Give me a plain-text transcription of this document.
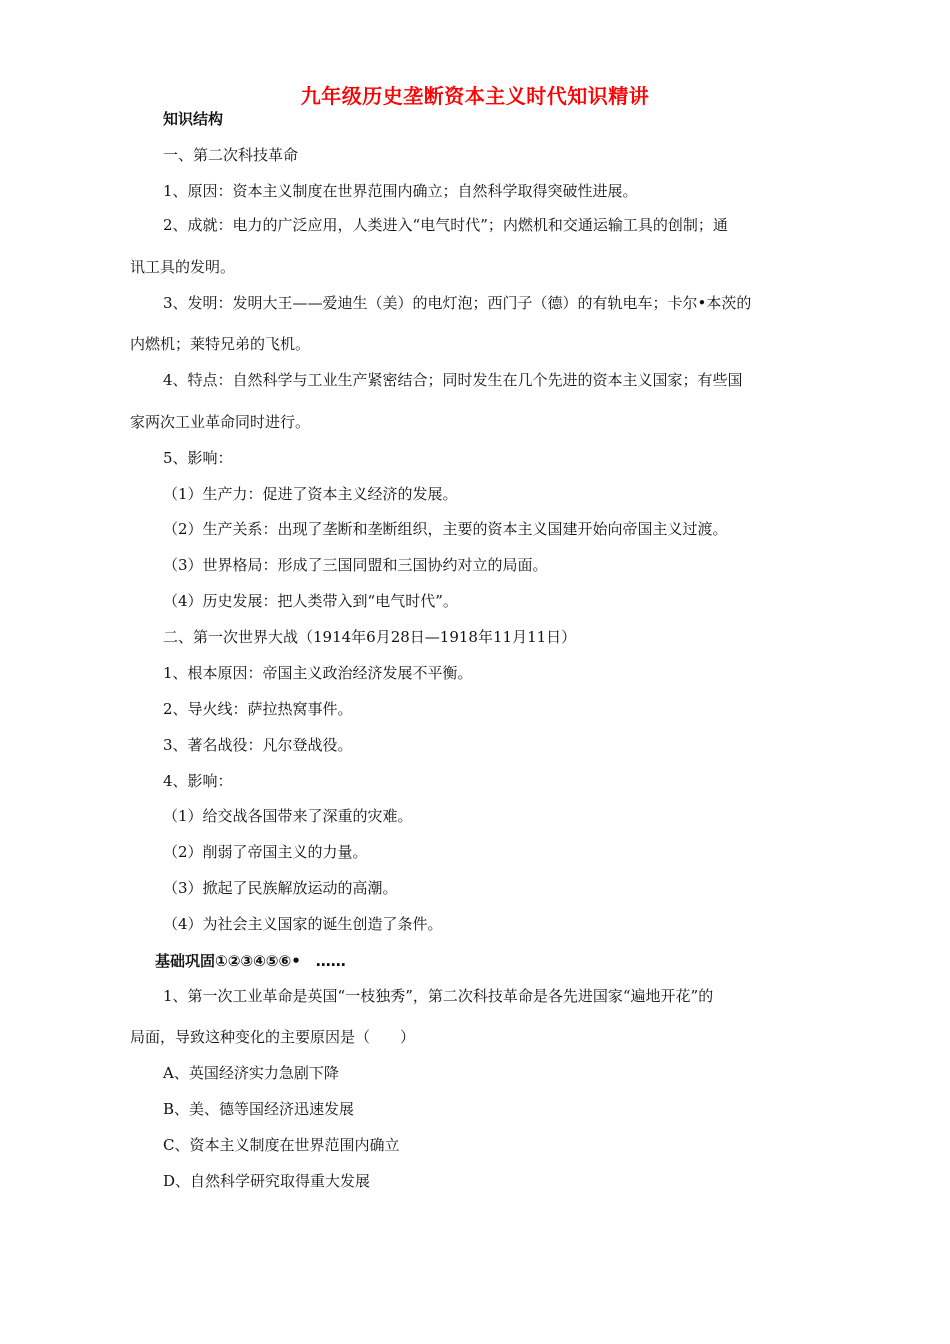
九年级历史垄断资本主义时代知识精讲
知识结构
一、第二次科技革命
1、原因：资本主义制度在世界范围内确立；自然科学取得突破性进展。
2、成就：电力的广泛应用，人类进入“电气时代”；内燃机和交通运输工具的创制；通
讯工具的发明。
3、发明：发明大王——爱迪生（美）的电灯泡；西门子（德）的有轨电车；卡尔•本茨的
内燃机；莱特兄弟的飞机。
4、特点：自然科学与工业生产紧密结合；同时发生在几个先进的资本主义国家；有些国
家两次工业革命同时进行。
5、影响：
（1）生产力：促进了资本主义经济的发展。
（2）生产关系：出现了垄断和垄断组织，主要的资本主义国建开始向帝国主义过渡。
（3）世界格局：形成了三国同盟和三国协约对立的局面。
（4）历史发展：把人类带入到“电气时代”。
二、第一次世界大战（1914年6月28日—1918年11月11日）
1、根本原因：帝国主义政治经济发展不平衡。
2、导火线：萨拉热窝事件。
3、著名战役：凡尔登战役。
4、影响：
（1）给交战各国带来了深重的灾难。
（2）削弱了帝国主义的力量。
（3）掀起了民族解放运动的高潮。
（4）为社会主义国家的诞生创造了条件。
基础巩固①②③④⑤⑥•　……
1、第一次工业革命是英国“一枝独秀”，第二次科技革命是各先进国家“遍地开花”的
局面，导致这种变化的主要原因是（　　）
A、英国经济实力急剧下降
B、美、德等国经济迅速发展
C、资本主义制度在世界范围内确立
D、自然科学研究取得重大发展
